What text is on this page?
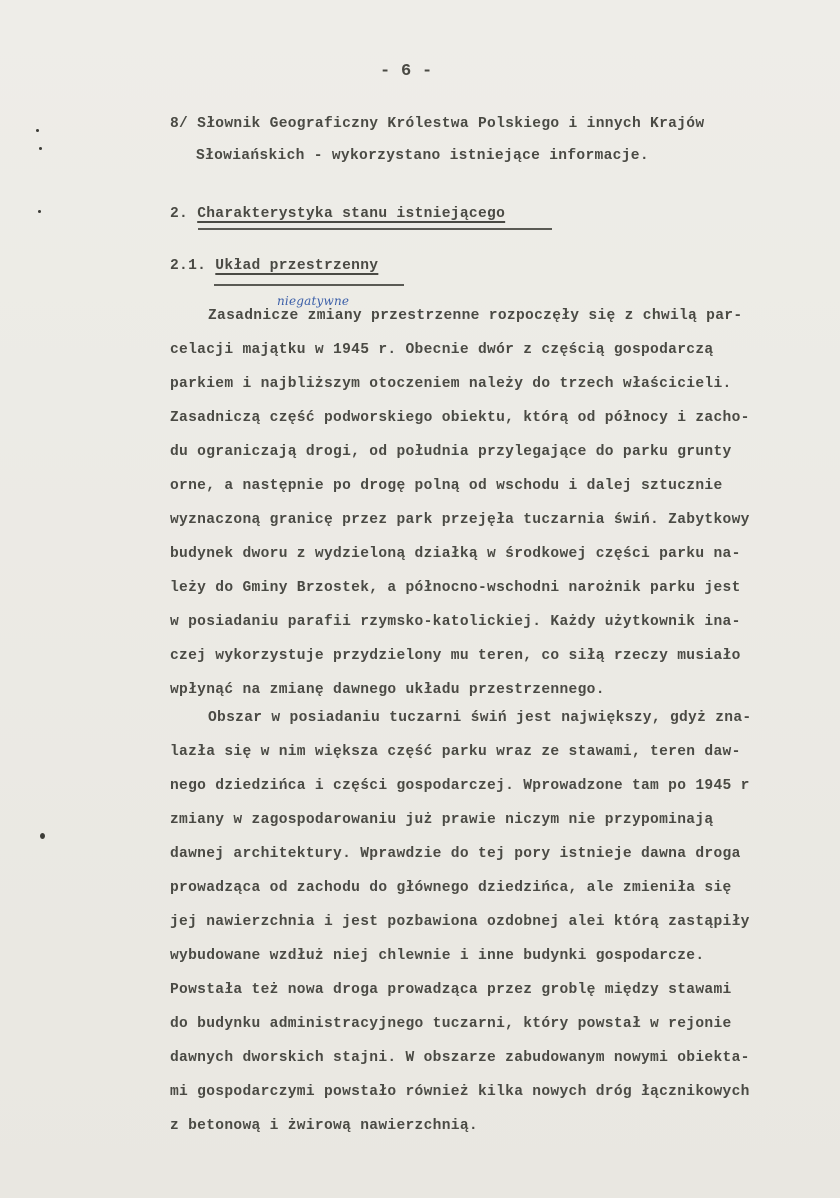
- 6 -
8/ Słownik Geograficzny Królestwa Polskiego i innych Krajów
Słowiańskich - wykorzystano istniejące informacje.
2. Charakterystyka stanu istniejącego
2.1. Układ przestrzenny
niegatywne
Zasadnicze zmiany przestrzenne rozpoczęły się z chwilą par-
celacji majątku w 1945 r. Obecnie dwór z częścią gospodarczą
parkiem i najbliższym otoczeniem należy do trzech właścicieli.
Zasadniczą część podworskiego obiektu, którą od północy i zacho-
du ograniczają drogi, od południa przylegające do parku grunty
orne, a następnie po drogę polną od wschodu i dalej sztucznie
wyznaczoną granicę przez park przejęła tuczarnia świń. Zabytkowy
budynek dworu z wydzieloną działką w środkowej części parku na-
leży do Gminy Brzostek, a północno-wschodni narożnik parku jest
w posiadaniu parafii rzymsko-katolickiej. Każdy użytkownik ina-
czej wykorzystuje przydzielony mu teren, co siłą rzeczy musiało
wpłynąć na zmianę dawnego układu przestrzennego.
Obszar w posiadaniu tuczarni świń jest największy, gdyż zna-
lazła się w nim większa część parku wraz ze stawami, teren daw-
nego dziedzińca i części gospodarczej. Wprowadzone tam po 1945 r
zmiany w zagospodarowaniu już prawie niczym nie przypominają
dawnej architektury. Wprawdzie do tej pory istnieje dawna droga
prowadząca od zachodu do głównego dziedzińca, ale zmieniła się
jej nawierzchnia i jest pozbawiona ozdobnej alei którą zastąpiły
wybudowane wzdłuż niej chlewnie i inne budynki gospodarcze.
Powstała też nowa droga prowadząca przez groblę między stawami
do budynku administracyjnego tuczarni, który powstał w rejonie
dawnych dworskich stajni. W obszarze zabudowanym nowymi obiekta-
mi gospodarczymi powstało również kilka nowych dróg łącznikowych
z betonową i żwirową nawierzchnią.
